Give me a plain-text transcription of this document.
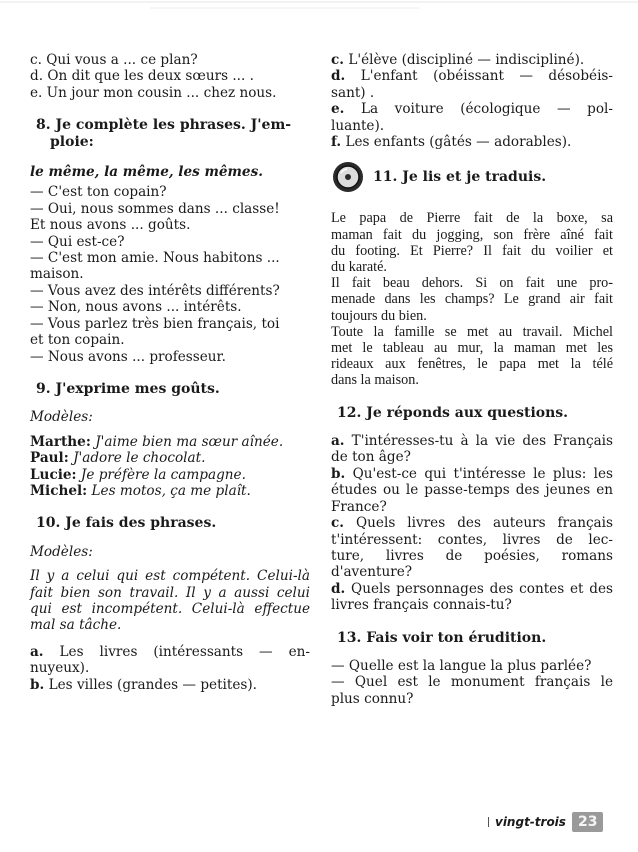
c. Qui vous a ... ce plan?
d. On dit que les deux sœurs ... .
e. Un jour mon cousin ... chez nous.
8. Je complète les phrases. J'em-
ploie:
le même, la même, les mêmes.
— C'est ton copain?
— Oui, nous sommes dans ... classe!
Et nous avons ... goûts.
— Qui est-ce?
— C'est mon amie. Nous habitons ...
maison.
— Vous avez des intérêts différents?
— Non, nous avons ... intérêts.
— Vous parlez très bien français, toi
et ton copain.
— Nous avons ... professeur.
9. J'exprime mes goûts.
Modèles:
Marthe: J'aime bien ma sœur aînée.
Paul: J'adore le chocolat.
Lucie: Je préfère la campagne.
Michel: Les motos, ça me plaît.
10. Je fais des phrases.
Modèles:
Il y a celui qui est compétent. Celui-là
fait bien son travail. Il y a aussi celui
qui est incompétent. Celui-là effectue
mal sa tâche.
a. Les livres (intéressants — en-
nuyeux).
b. Les villes (grandes — petites).
c. L'élève (discipliné — indiscipliné).
d. L'enfant (obéissant — désobéis-
sant) .
e. La voiture (écologique — pol-
luante).
f. Les enfants (gâtés — adorables).
11. Je lis et je traduis.
Le papa de Pierre fait de la boxe, sa
maman fait du jogging, son frère aîné fait
du footing. Et Pierre? Il fait du voilier et
du karaté.
Il fait beau dehors. Si on fait une pro-
menade dans les champs? Le grand air fait
toujours du bien.
Toute la famille se met au travail. Michel
met le tableau au mur, la maman met les
rideaux aux fenêtres, le papa met la télé
dans la maison.
12. Je réponds aux questions.
a. T'intéresses-tu à la vie des Français
de ton âge?
b. Qu'est-ce qui t'intéresse le plus: les
études ou le passe-temps des jeunes en
France?
c. Quels livres des auteurs français
t'intéressent: contes, livres de lec-
ture, livres de poésies, romans
d'aventure?
d. Quels personnages des contes et des
livres français connais-tu?
13. Fais voir ton érudition.
— Quelle est la langue la plus parlée?
— Quel est le monument français le
plus connu?
vingt-trois 23
